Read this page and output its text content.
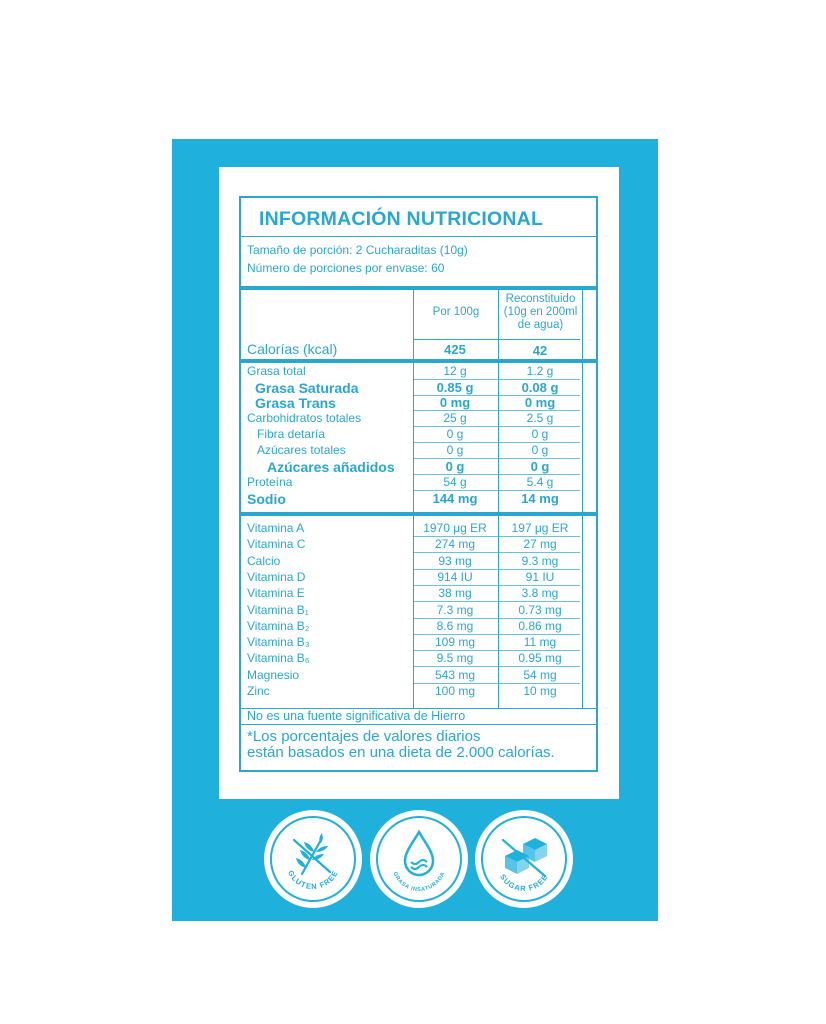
INFORMACIÓN NUTRICIONAL
Tamaño de porción: 2 Cucharaditas (10g)
Número de porciones por envase: 60
Por 100g
Reconstituido
(10g en 200ml
de agua)
Calorías (kcal)	425	42
Grasa total	12 g	1.2 g
Grasa Saturada	0.85 g	0.08 g
Grasa Trans	0 mg	0 mg
Carbohidratos totales	25 g	2.5 g
Fibra detaría	0 g	0 g
Azúcares totales	0 g	0 g
Azúcares añadidos	0 g	0 g
Proteína	54 g	5.4 g
Sodio	144 mg	14 mg
Vitamina A	1970 μg ER	197 μg ER
Vitamina C	274 mg	27 mg
Calcio	93 mg	9.3 mg
Vitamina D	914 IU	91 IU
Vitamina E	38 mg	3.8 mg
Vitamina B₁	7.3 mg	0.73 mg
Vitamina B₂	8.6 mg	0.86 mg
Vitamina B₃	109 mg	11 mg
Vitamina B₆	9.5 mg	0.95 mg
Magnesio	543 mg	54 mg
Zinc	100 mg	10 mg
No es una fuente significativa de Hierro
*Los porcentajes de valores diarios
están basados en una dieta de 2.000 calorías.
GLUTEN FREE	GRASA INSATURADA	SUGAR FREE
